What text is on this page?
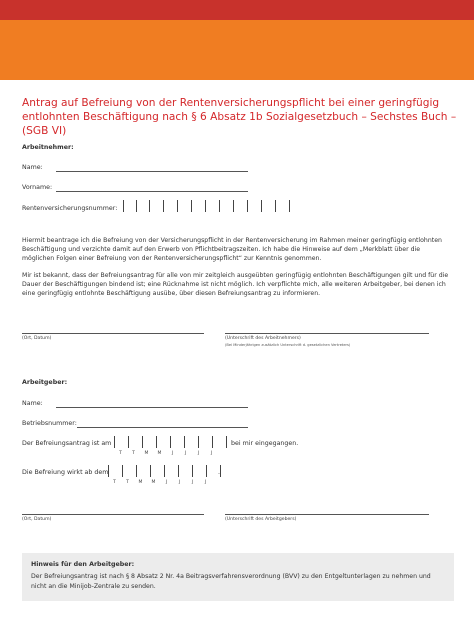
Antrag auf Befreiung von der Rentenversicherungspflicht bei einer geringfügig entlohnten Beschäftigung nach § 6 Absatz 1b Sozialgesetzbuch – Sechstes Buch – (SGB VI)
Arbeitnehmer:
Name:
Vorname:
Rentenversicherungsnummer:
Hiermit beantrage ich die Befreiung von der Versicherungspflicht in der Rentenversicherung im Rahmen meiner geringfügig entlohnten Beschäftigung und verzichte damit auf den Erwerb von Pflichtbeitragszeiten. Ich habe die Hinweise auf dem „Merkblatt über die möglichen Folgen einer Befreiung von der Rentenversicherungspflicht“ zur Kenntnis genommen.
Mir ist bekannt, dass der Befreiungsantrag für alle von mir zeitgleich ausgeübten geringfügig entlohnten Beschäftigungen gilt und für die Dauer der Beschäftigungen bindend ist; eine Rücknahme ist nicht möglich. Ich verpflichte mich, alle weiteren Arbeitgeber, bei denen ich eine geringfügig entlohnte Beschäftigung ausübe, über diesen Befreiungsantrag zu informieren.
(Ort, Datum)	(Unterschrift des Arbeitnehmers)
(Bei Minderjährigen zusätzlich Unterschrift d. gesetzlichen Vertreters)
Arbeitgeber:
Name:
Betriebsnummer:
Der Befreiungsantrag ist am	bei mir eingegangen.
T	T	M	M	J	J	J	J
Die Befreiung wirkt ab dem	.
T	T	M	M	J	J	J	J
(Ort, Datum)	(Unterschrift des Arbeitgebers)
Hinweis für den Arbeitgeber:
Der Befreiungsantrag ist nach § 8 Absatz 2 Nr. 4a Beitragsverfahrensverordnung (BVV) zu den Entgeltunterlagen zu nehmen und nicht an die Minijob-Zentrale zu senden.
